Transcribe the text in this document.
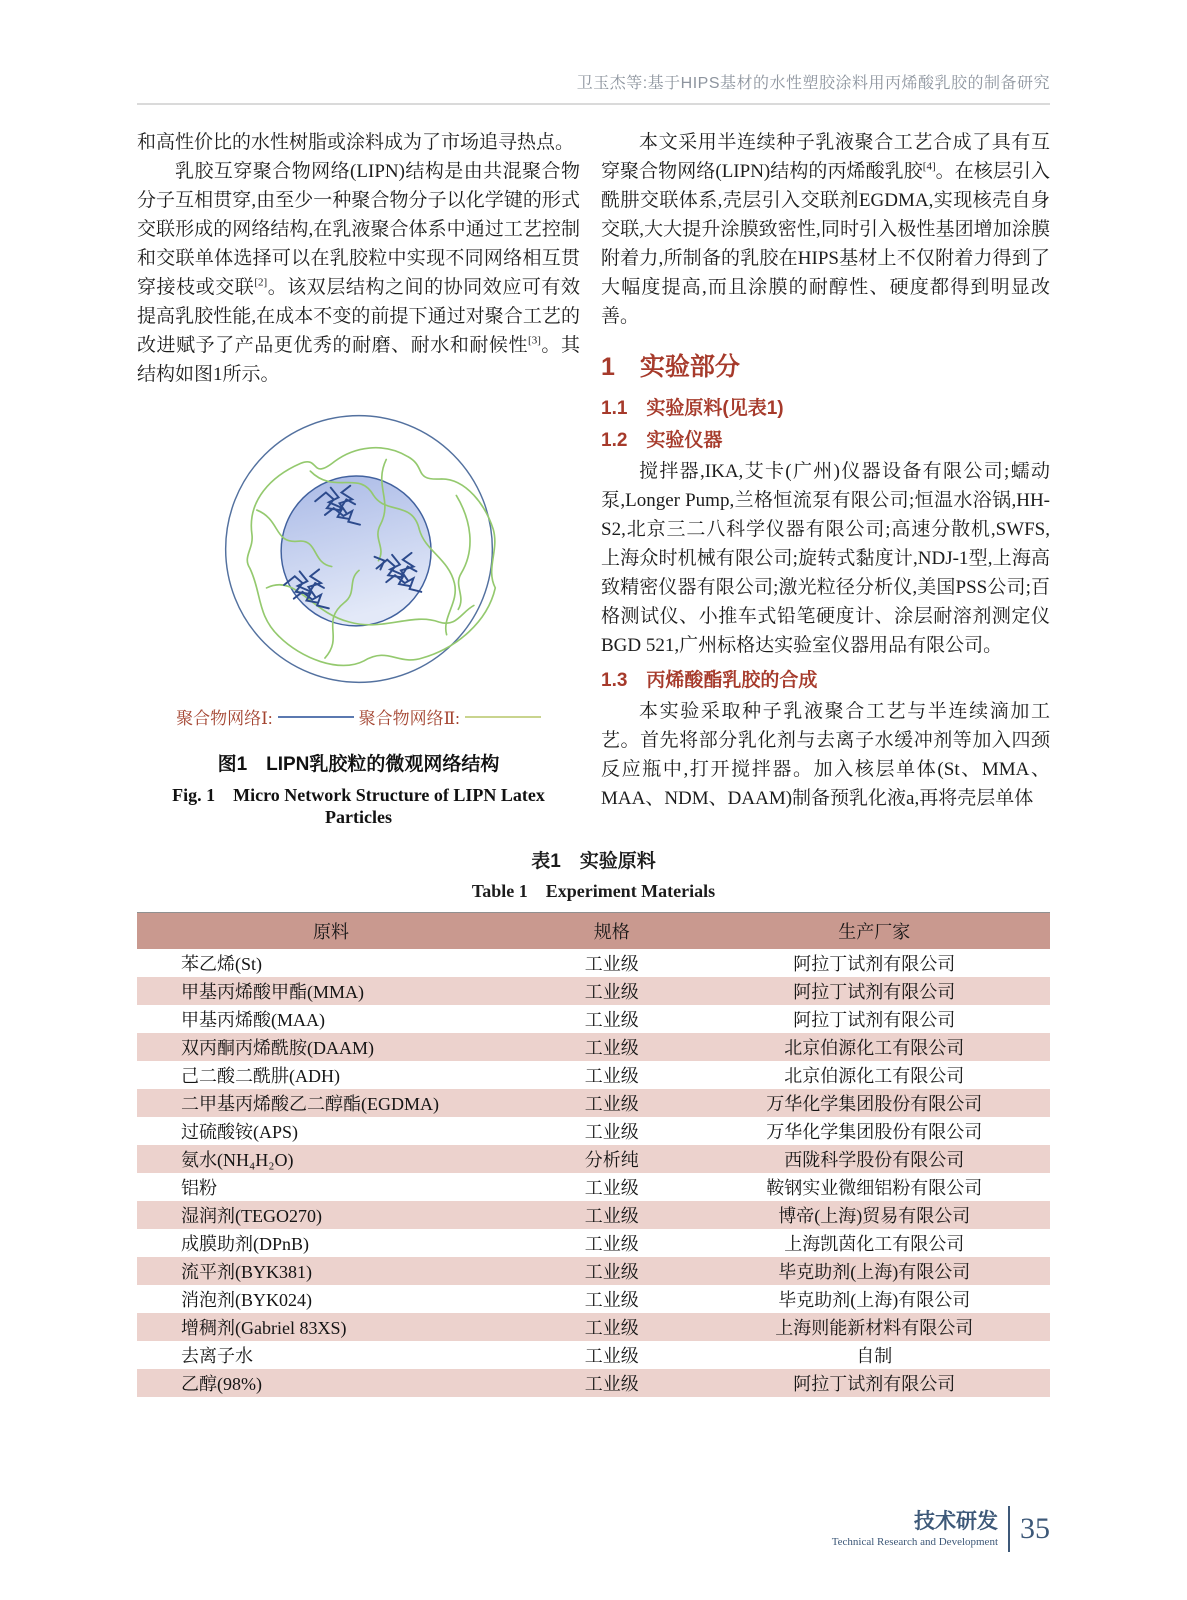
卫玉杰等:基于HIPS基材的水性塑胶涂料用丙烯酸乳胶的制备研究

和高性价比的水性树脂或涂料成为了市场追寻热点。

乳胶互穿聚合物网络(LIPN)结构是由共混聚合物分子互相贯穿,由至少一种聚合物分子以化学键的形式交联形成的网络结构,在乳液聚合体系中通过工艺控制和交联单体选择可以在乳胶粒中实现不同网络相互贯穿接枝或交联[2]。该双层结构之间的协同效应可有效提高乳胶性能,在成本不变的前提下通过对聚合工艺的改进赋予了产品更优秀的耐磨、耐水和耐候性[3]。其结构如图1所示。

聚合物网络Ⅰ:	聚合物网络Ⅱ:
图1　LIPN乳胶粒的微观网络结构
Fig. 1　Micro Network Structure of LIPN Latex Particles

本文采用半连续种子乳液聚合工艺合成了具有互穿聚合物网络(LIPN)结构的丙烯酸乳胶[4]。在核层引入酰肼交联体系,壳层引入交联剂EGDMA,实现核壳自身交联,大大提升涂膜致密性,同时引入极性基团增加涂膜附着力,所制备的乳胶在HIPS基材上不仅附着力得到了大幅度提高,而且涂膜的耐醇性、硬度都得到明显改善。

1　实验部分
1.1　实验原料(见表1)
1.2　实验仪器

搅拌器,IKA,艾卡(广州)仪器设备有限公司;蠕动泵,Longer Pump,兰格恒流泵有限公司;恒温水浴锅,HH-S2,北京三二八科学仪器有限公司;高速分散机,SWFS,上海众时机械有限公司;旋转式黏度计,NDJ-1型,上海高致精密仪器有限公司;激光粒径分析仪,美国PSS公司;百格测试仪、小推车式铅笔硬度计、涂层耐溶剂测定仪BGD 521,广州标格达实验室仪器用品有限公司。

1.3　丙烯酸酯乳胶的合成

本实验采取种子乳液聚合工艺与半连续滴加工艺。首先将部分乳化剂与去离子水缓冲剂等加入四颈反应瓶中,打开搅拌器。加入核层单体(St、MMA、MAA、NDM、DAAM)制备预乳化液a,再将壳层单体

表1　实验原料
Table 1　Experiment Materials
原料	规格	生产厂家
苯乙烯(St)	工业级	阿拉丁试剂有限公司
甲基丙烯酸甲酯(MMA)	工业级	阿拉丁试剂有限公司
甲基丙烯酸(MAA)	工业级	阿拉丁试剂有限公司
双丙酮丙烯酰胺(DAAM)	工业级	北京伯源化工有限公司
己二酸二酰肼(ADH)	工业级	北京伯源化工有限公司
二甲基丙烯酸乙二醇酯(EGDMA)	工业级	万华化学集团股份有限公司
过硫酸铵(APS)	工业级	万华化学集团股份有限公司
氨水(NH₄H₂O)	分析纯	西陇科学股份有限公司
铝粉	工业级	鞍钢实业微细铝粉有限公司
湿润剂(TEGO270)	工业级	博帝(上海)贸易有限公司
成膜助剂(DPnB)	工业级	上海凯茵化工有限公司
流平剂(BYK381)	工业级	毕克助剂(上海)有限公司
消泡剂(BYK024)	工业级	毕克助剂(上海)有限公司
增稠剂(Gabriel 83XS)	工业级	上海则能新材料有限公司
去离子水	工业级	自制
乙醇(98%)	工业级	阿拉丁试剂有限公司
技术研发
Technical Research and Development 35
